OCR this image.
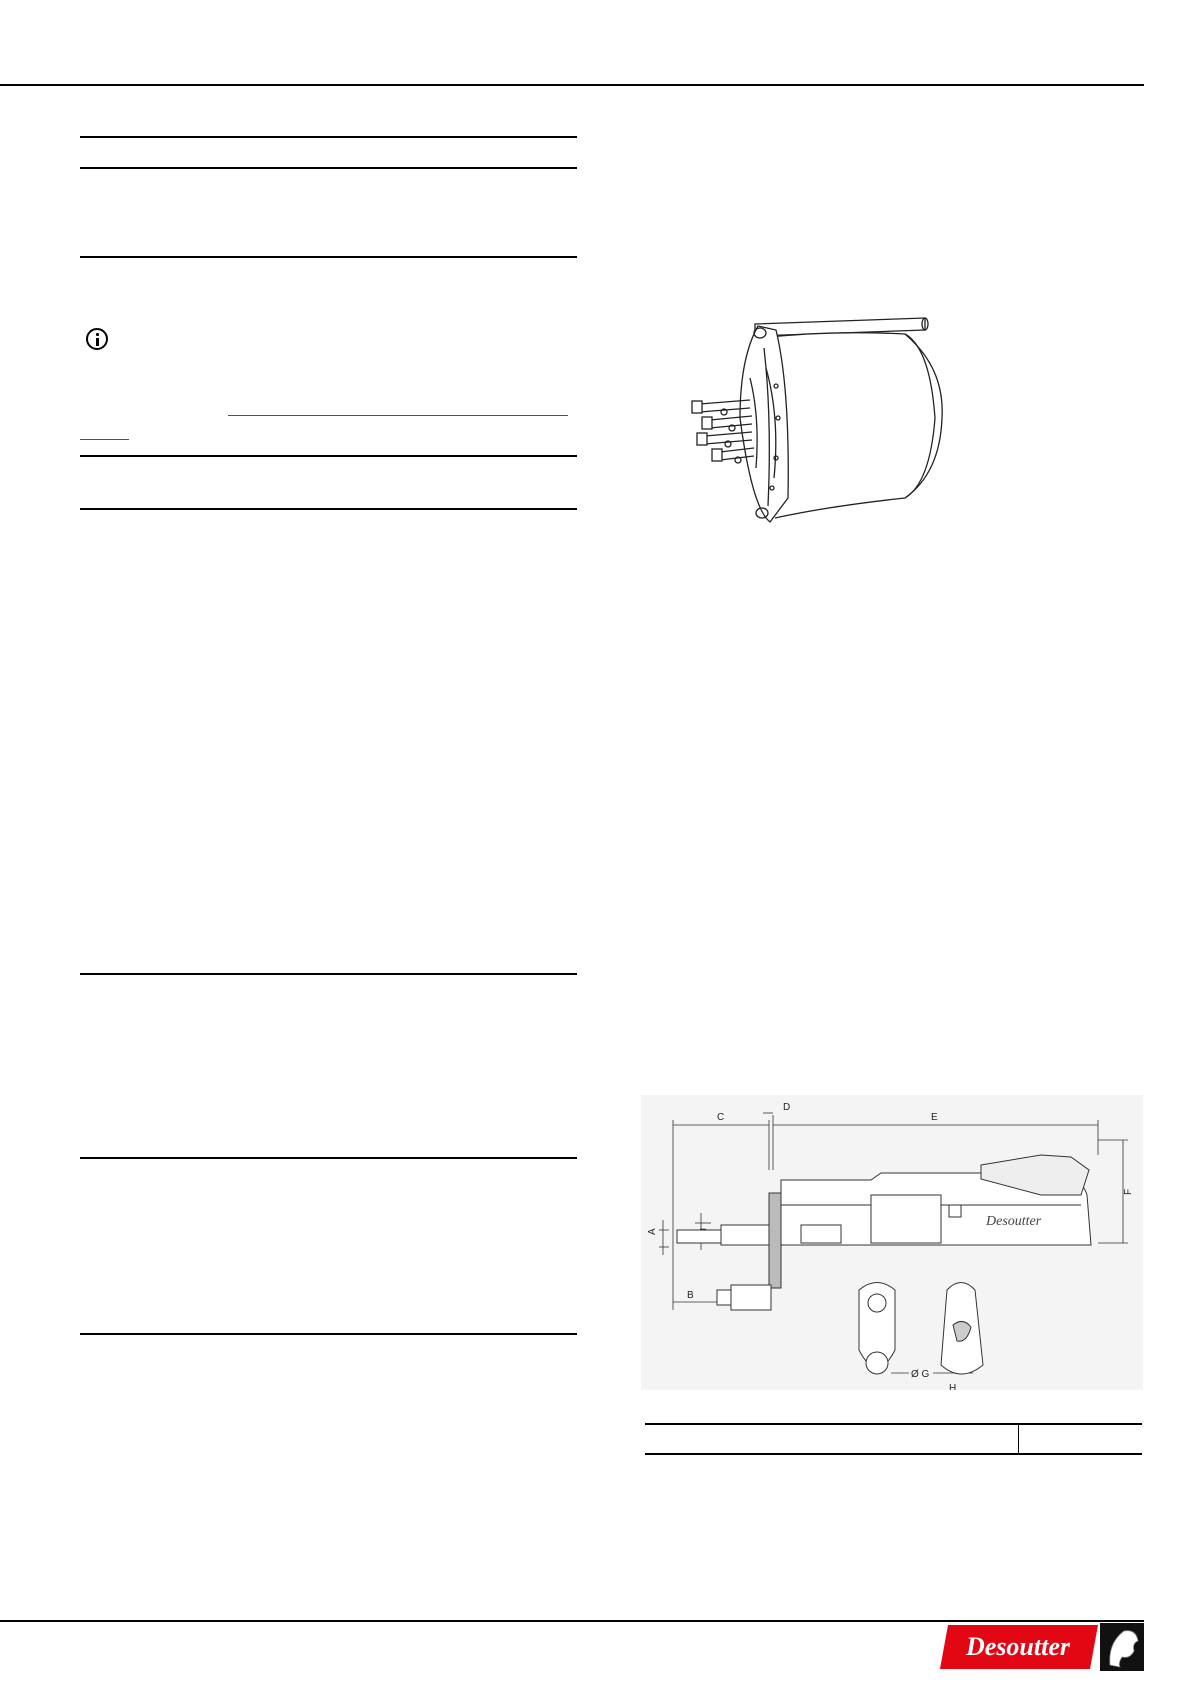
C
D
E
F
A
B
Ø G
H
Desoutter
Desoutter
